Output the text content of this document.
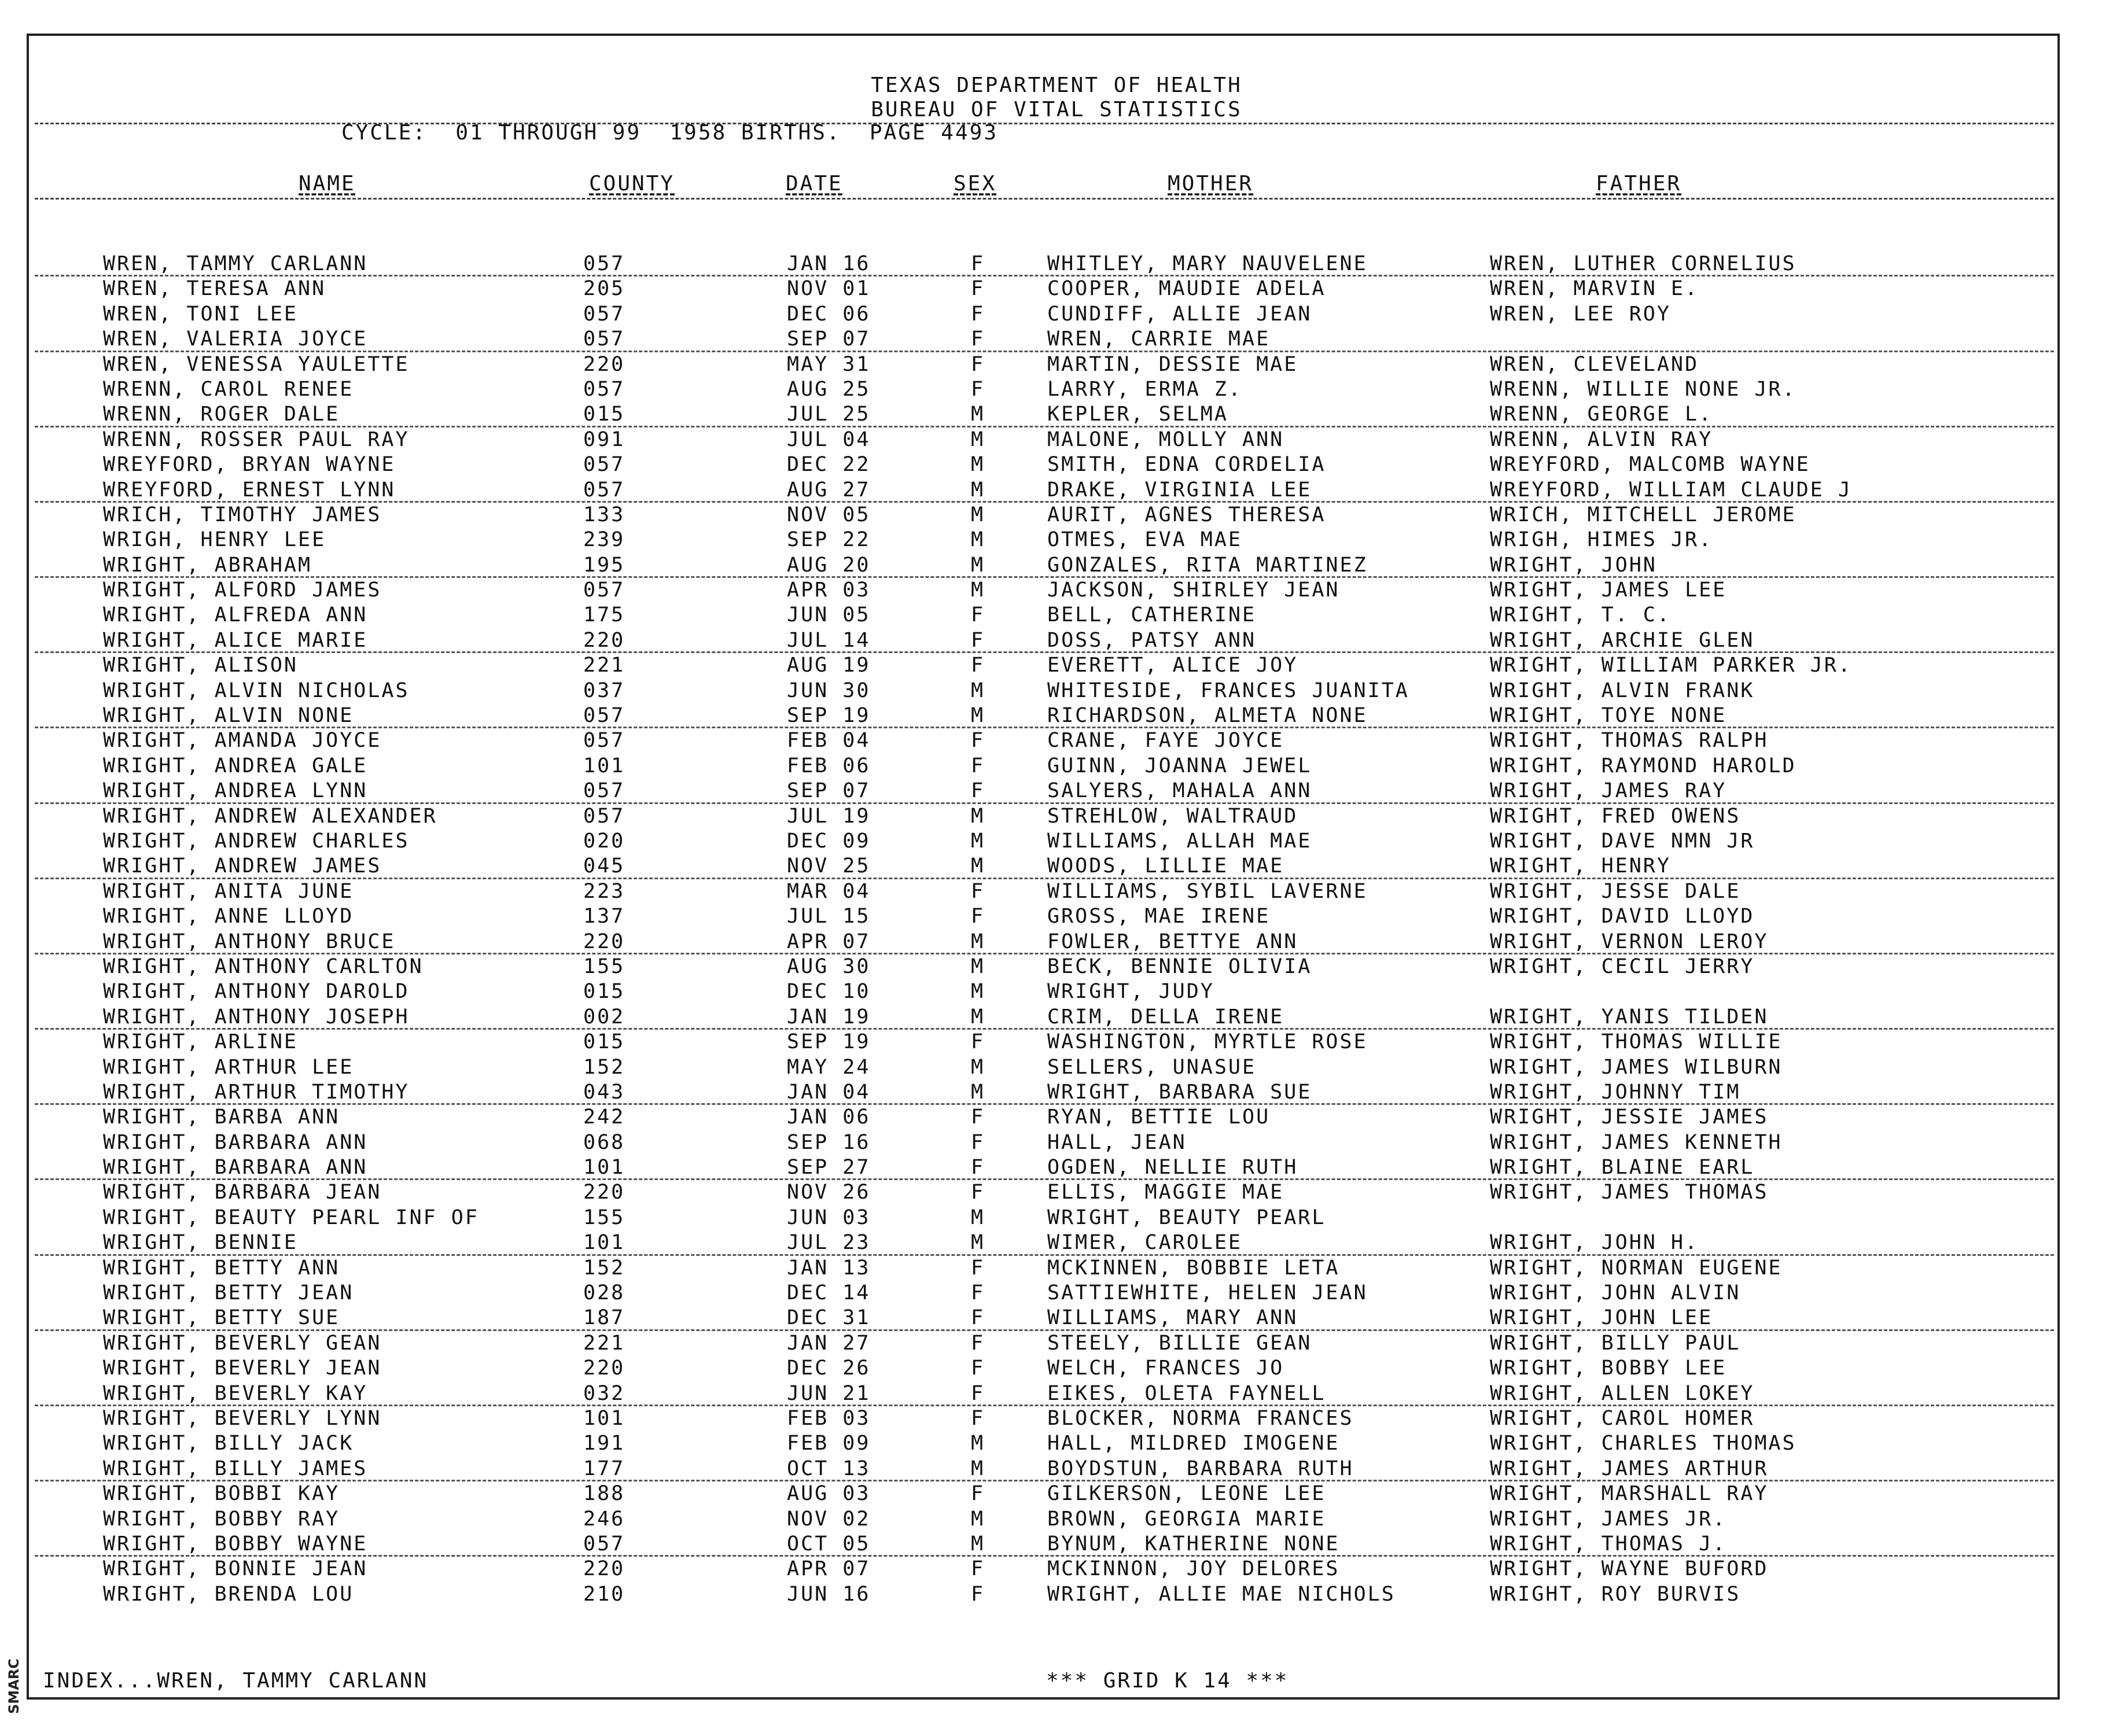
SMARC
TEXAS DEPARTMENT OF HEALTH
BUREAU OF VITAL STATISTICS
CYCLE:  01 THROUGH 99  1958 BIRTHS.  PAGE 4493
NAME	COUNTY	DATE	SEX	MOTHER	FATHER
WREN, TAMMY CARLANN	057	JAN 16	F	WHITLEY, MARY NAUVELENE	WREN, LUTHER CORNELIUS
WREN, TERESA ANN	205	NOV 01	F	COOPER, MAUDIE ADELA	WREN, MARVIN E.
WREN, TONI LEE	057	DEC 06	F	CUNDIFF, ALLIE JEAN	WREN, LEE ROY
WREN, VALERIA JOYCE	057	SEP 07	F	WREN, CARRIE MAE
WREN, VENESSA YAULETTE	220	MAY 31	F	MARTIN, DESSIE MAE	WREN, CLEVELAND
WRENN, CAROL RENEE	057	AUG 25	F	LARRY, ERMA Z.	WRENN, WILLIE NONE JR.
WRENN, ROGER DALE	015	JUL 25	M	KEPLER, SELMA	WRENN, GEORGE L.
WRENN, ROSSER PAUL RAY	091	JUL 04	M	MALONE, MOLLY ANN	WRENN, ALVIN RAY
WREYFORD, BRYAN WAYNE	057	DEC 22	M	SMITH, EDNA CORDELIA	WREYFORD, MALCOMB WAYNE
WREYFORD, ERNEST LYNN	057	AUG 27	M	DRAKE, VIRGINIA LEE	WREYFORD, WILLIAM CLAUDE J
WRICH, TIMOTHY JAMES	133	NOV 05	M	AURIT, AGNES THERESA	WRICH, MITCHELL JEROME
WRIGH, HENRY LEE	239	SEP 22	M	OTMES, EVA MAE	WRIGH, HIMES JR.
WRIGHT, ABRAHAM	195	AUG 20	M	GONZALES, RITA MARTINEZ	WRIGHT, JOHN
WRIGHT, ALFORD JAMES	057	APR 03	M	JACKSON, SHIRLEY JEAN	WRIGHT, JAMES LEE
WRIGHT, ALFREDA ANN	175	JUN 05	F	BELL, CATHERINE	WRIGHT, T. C.
WRIGHT, ALICE MARIE	220	JUL 14	F	DOSS, PATSY ANN	WRIGHT, ARCHIE GLEN
WRIGHT, ALISON	221	AUG 19	F	EVERETT, ALICE JOY	WRIGHT, WILLIAM PARKER JR.
WRIGHT, ALVIN NICHOLAS	037	JUN 30	M	WHITESIDE, FRANCES JUANITA	WRIGHT, ALVIN FRANK
WRIGHT, ALVIN NONE	057	SEP 19	M	RICHARDSON, ALMETA NONE	WRIGHT, TOYE NONE
WRIGHT, AMANDA JOYCE	057	FEB 04	F	CRANE, FAYE JOYCE	WRIGHT, THOMAS RALPH
WRIGHT, ANDREA GALE	101	FEB 06	F	GUINN, JOANNA JEWEL	WRIGHT, RAYMOND HAROLD
WRIGHT, ANDREA LYNN	057	SEP 07	F	SALYERS, MAHALA ANN	WRIGHT, JAMES RAY
WRIGHT, ANDREW ALEXANDER	057	JUL 19	M	STREHLOW, WALTRAUD	WRIGHT, FRED OWENS
WRIGHT, ANDREW CHARLES	020	DEC 09	M	WILLIAMS, ALLAH MAE	WRIGHT, DAVE NMN JR
WRIGHT, ANDREW JAMES	045	NOV 25	M	WOODS, LILLIE MAE	WRIGHT, HENRY
WRIGHT, ANITA JUNE	223	MAR 04	F	WILLIAMS, SYBIL LAVERNE	WRIGHT, JESSE DALE
WRIGHT, ANNE LLOYD	137	JUL 15	F	GROSS, MAE IRENE	WRIGHT, DAVID LLOYD
WRIGHT, ANTHONY BRUCE	220	APR 07	M	FOWLER, BETTYE ANN	WRIGHT, VERNON LEROY
WRIGHT, ANTHONY CARLTON	155	AUG 30	M	BECK, BENNIE OLIVIA	WRIGHT, CECIL JERRY
WRIGHT, ANTHONY DAROLD	015	DEC 10	M	WRIGHT, JUDY
WRIGHT, ANTHONY JOSEPH	002	JAN 19	M	CRIM, DELLA IRENE	WRIGHT, YANIS TILDEN
WRIGHT, ARLINE	015	SEP 19	F	WASHINGTON, MYRTLE ROSE	WRIGHT, THOMAS WILLIE
WRIGHT, ARTHUR LEE	152	MAY 24	M	SELLERS, UNASUE	WRIGHT, JAMES WILBURN
WRIGHT, ARTHUR TIMOTHY	043	JAN 04	M	WRIGHT, BARBARA SUE	WRIGHT, JOHNNY TIM
WRIGHT, BARBA ANN	242	JAN 06	F	RYAN, BETTIE LOU	WRIGHT, JESSIE JAMES
WRIGHT, BARBARA ANN	068	SEP 16	F	HALL, JEAN	WRIGHT, JAMES KENNETH
WRIGHT, BARBARA ANN	101	SEP 27	F	OGDEN, NELLIE RUTH	WRIGHT, BLAINE EARL
WRIGHT, BARBARA JEAN	220	NOV 26	F	ELLIS, MAGGIE MAE	WRIGHT, JAMES THOMAS
WRIGHT, BEAUTY PEARL INF OF	155	JUN 03	M	WRIGHT, BEAUTY PEARL
WRIGHT, BENNIE	101	JUL 23	M	WIMER, CAROLEE	WRIGHT, JOHN H.
WRIGHT, BETTY ANN	152	JAN 13	F	MCKINNEN, BOBBIE LETA	WRIGHT, NORMAN EUGENE
WRIGHT, BETTY JEAN	028	DEC 14	F	SATTIEWHITE, HELEN JEAN	WRIGHT, JOHN ALVIN
WRIGHT, BETTY SUE	187	DEC 31	F	WILLIAMS, MARY ANN	WRIGHT, JOHN LEE
WRIGHT, BEVERLY GEAN	221	JAN 27	F	STEELY, BILLIE GEAN	WRIGHT, BILLY PAUL
WRIGHT, BEVERLY JEAN	220	DEC 26	F	WELCH, FRANCES JO	WRIGHT, BOBBY LEE
WRIGHT, BEVERLY KAY	032	JUN 21	F	EIKES, OLETA FAYNELL	WRIGHT, ALLEN LOKEY
WRIGHT, BEVERLY LYNN	101	FEB 03	F	BLOCKER, NORMA FRANCES	WRIGHT, CAROL HOMER
WRIGHT, BILLY JACK	191	FEB 09	M	HALL, MILDRED IMOGENE	WRIGHT, CHARLES THOMAS
WRIGHT, BILLY JAMES	177	OCT 13	M	BOYDSTUN, BARBARA RUTH	WRIGHT, JAMES ARTHUR
WRIGHT, BOBBI KAY	188	AUG 03	F	GILKERSON, LEONE LEE	WRIGHT, MARSHALL RAY
WRIGHT, BOBBY RAY	246	NOV 02	M	BROWN, GEORGIA MARIE	WRIGHT, JAMES JR.
WRIGHT, BOBBY WAYNE	057	OCT 05	M	BYNUM, KATHERINE NONE	WRIGHT, THOMAS J.
WRIGHT, BONNIE JEAN	220	APR 07	F	MCKINNON, JOY DELORES	WRIGHT, WAYNE BUFORD
WRIGHT, BRENDA LOU	210	JUN 16	F	WRIGHT, ALLIE MAE NICHOLS	WRIGHT, ROY BURVIS
INDEX...WREN, TAMMY CARLANN	*** GRID K 14 ***
